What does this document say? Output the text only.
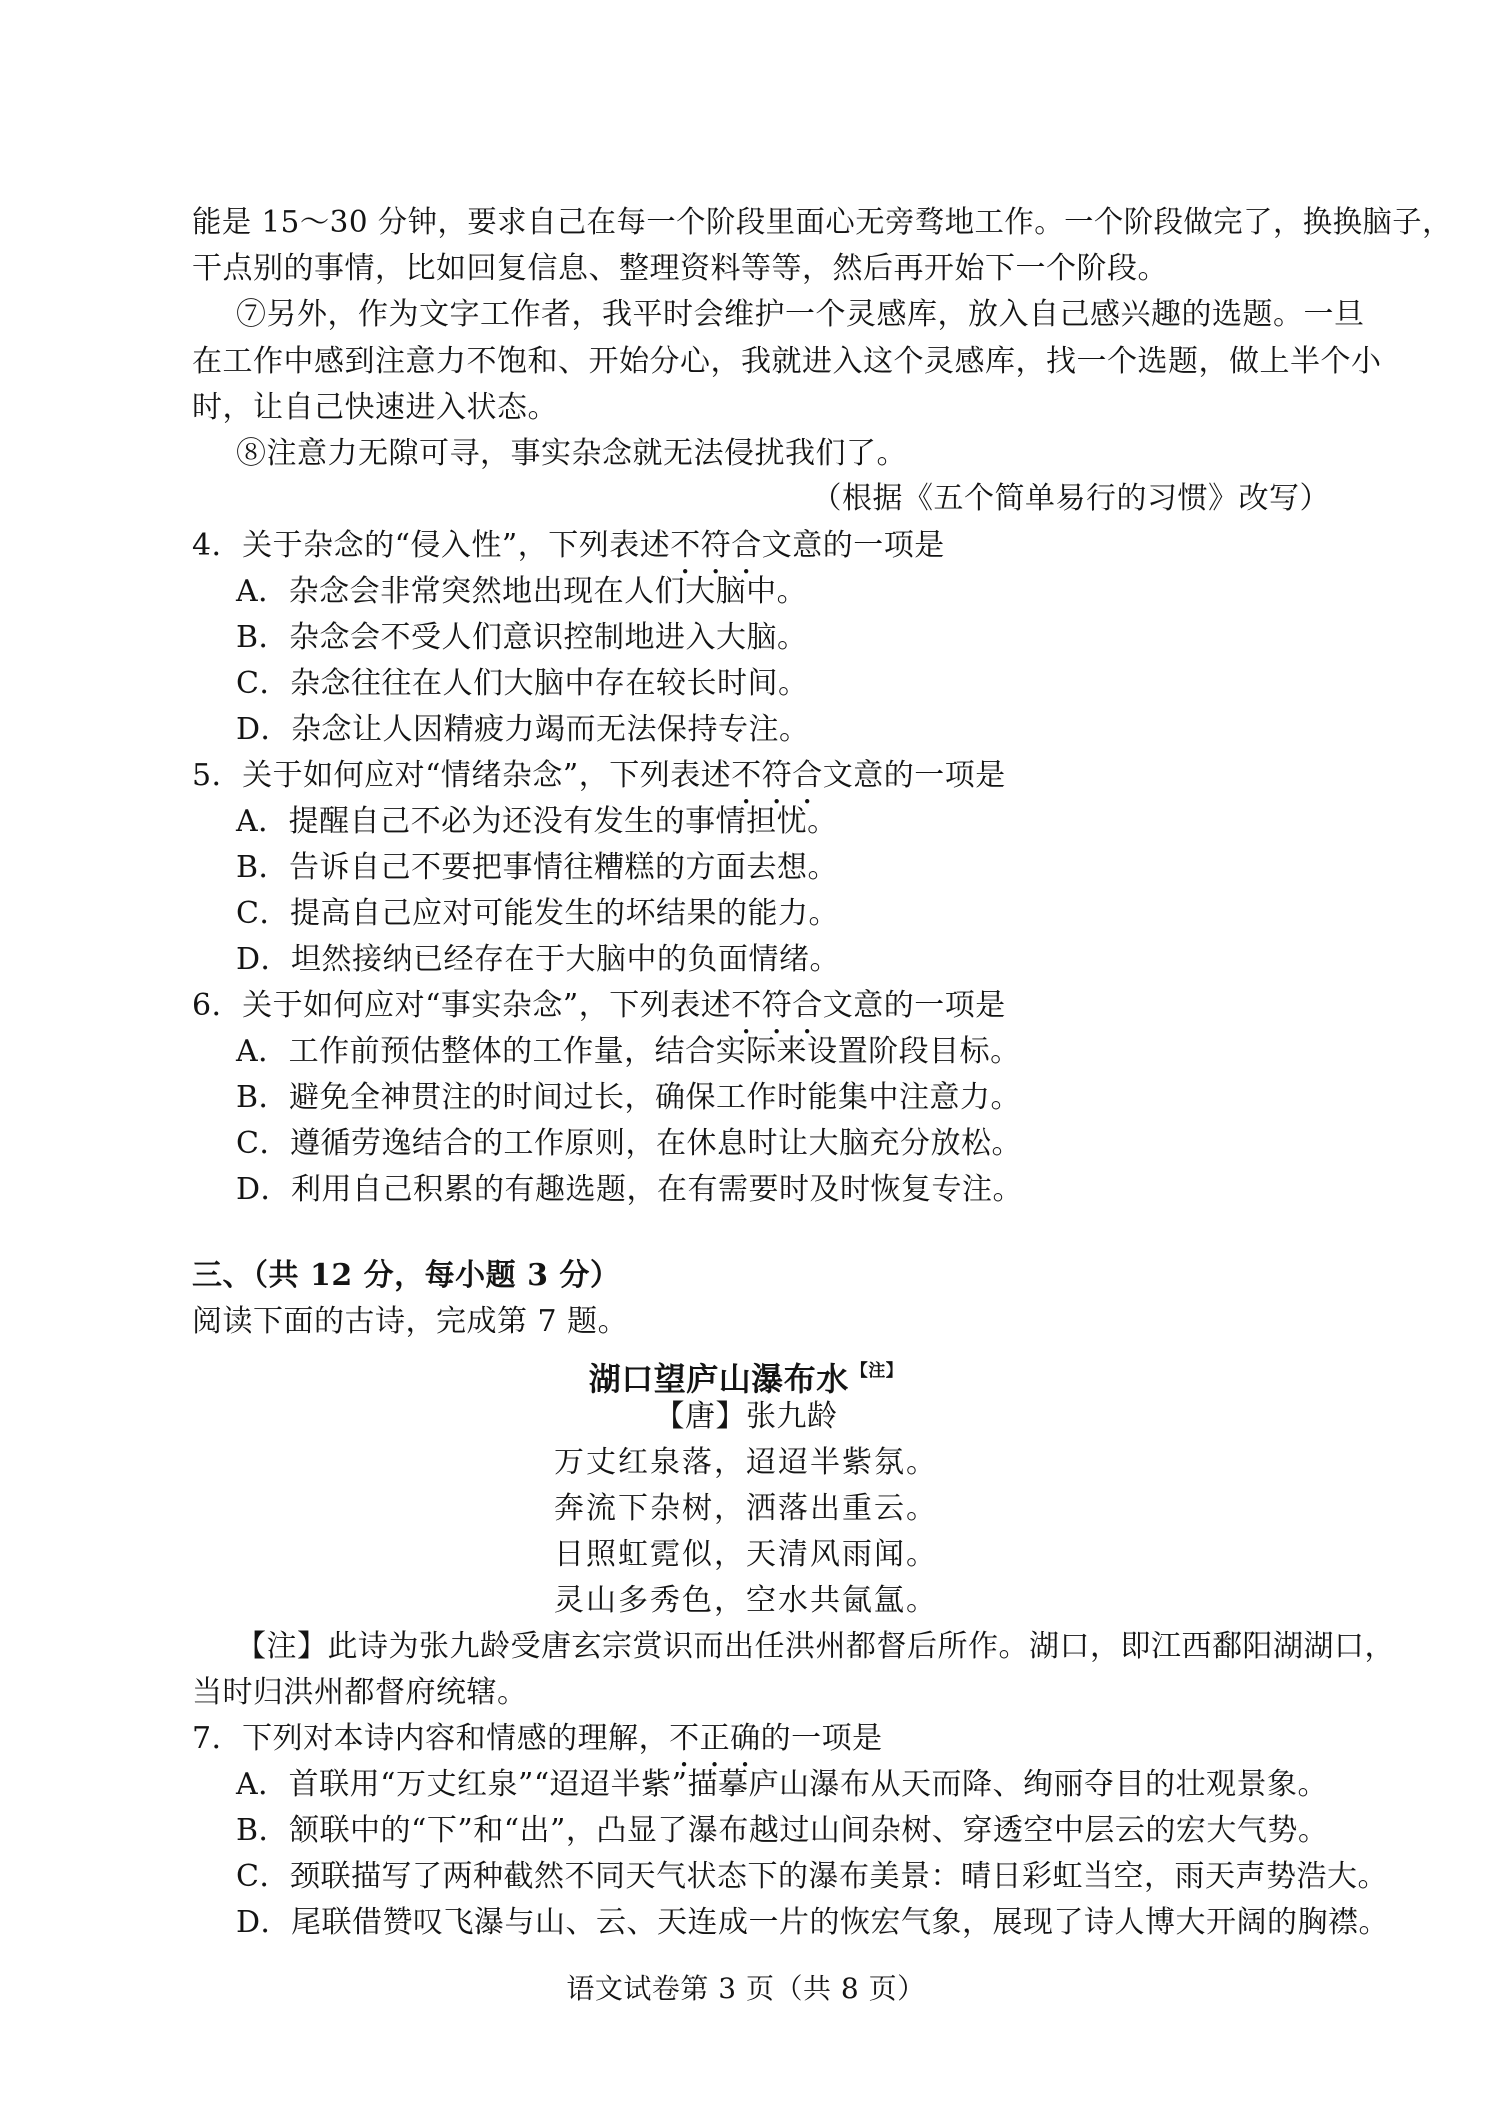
能是 15～30 分钟，要求自己在每一个阶段里面心无旁骛地工作。一个阶段做完了，换换脑子，
干点别的事情，比如回复信息、整理资料等等，然后再开始下一个阶段。
⑦另外，作为文字工作者，我平时会维护一个灵感库，放入自己感兴趣的选题。一旦
在工作中感到注意力不饱和、开始分心，我就进入这个灵感库，找一个选题，做上半个小
时，让自己快速进入状态。
⑧注意力无隙可寻，事实杂念就无法侵扰我们了。
（根据《五个简单易行的习惯》改写）
4．关于杂念的“侵入性”，下列表述不符合文意的一项是
A．杂念会非常突然地出现在人们大脑中。
B．杂念会不受人们意识控制地进入大脑。
C．杂念往往在人们大脑中存在较长时间。
D．杂念让人因精疲力竭而无法保持专注。
5．关于如何应对“情绪杂念”，下列表述不符合文意的一项是
A．提醒自己不必为还没有发生的事情担忧。
B．告诉自己不要把事情往糟糕的方面去想。
C．提高自己应对可能发生的坏结果的能力。
D．坦然接纳已经存在于大脑中的负面情绪。
6．关于如何应对“事实杂念”，下列表述不符合文意的一项是
A．工作前预估整体的工作量，结合实际来设置阶段目标。
B．避免全神贯注的时间过长，确保工作时能集中注意力。
C．遵循劳逸结合的工作原则，在休息时让大脑充分放松。
D．利用自己积累的有趣选题，在有需要时及时恢复专注。
三、（共 12 分，每小题 3 分）
阅读下面的古诗，完成第 7 题。
湖口望庐山瀑布水 $^{【注】}$
【唐】张九龄
万丈红泉落，迢迢半紫氛。
奔流下杂树，洒落出重云。
日照虹霓似，天清风雨闻。
灵山多秀色，空水共氤氲。
【注】此诗为张九龄受唐玄宗赏识而出任洪州都督后所作。湖口，即江西鄱阳湖湖口，
当时归洪州都督府统辖。
7．下列对本诗内容和情感的理解，不正确的一项是
A．首联用“万丈红泉”“迢迢半紫”描摹庐山瀑布从天而降、绚丽夺目的壮观景象。
B．颔联中的“下”和“出”，凸显了瀑布越过山间杂树、穿透空中层云的宏大气势。
C．颈联描写了两种截然不同天气状态下的瀑布美景：晴日彩虹当空，雨天声势浩大。
D．尾联借赞叹飞瀑与山、云、天连成一片的恢宏气象，展现了诗人博大开阔的胸襟。
语文试卷第 3 页（共 8 页）
